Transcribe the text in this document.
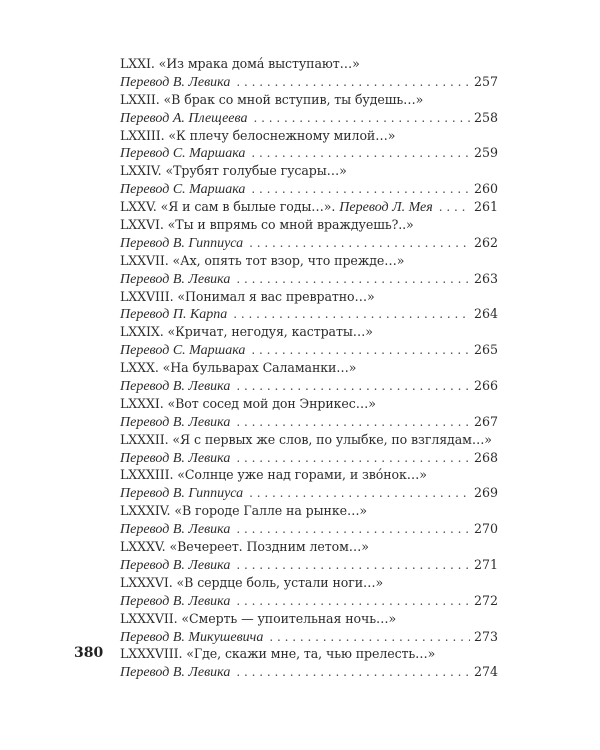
LXXI. «Из мрака домá выступают…»
Перевод В. Левика . . .	257
LXXII. «В брак со мной вступив, ты будешь…»
Перевод А. Плещеева . . .	258
LXXIII. «К плечу белоснежному милой…»
Перевод С. Маршака . . .	259
LXXIV. «Трубят голубые гусары…»
Перевод С. Маршака . . .	260
LXXV. «Я и сам в былые годы…». Перевод Л. Мея . . .	261
LXXVI. «Ты и впрямь со мной враждуешь?..»
Перевод В. Гиппиуса . . .	262
LXXVII. «Ах, опять тот взор, что прежде…»
Перевод В. Левика . . .	263
LXXVIII. «Понимал я вас превратно…»
Перевод П. Карпа . . .	264
LXXIX. «Кричат, негодуя, кастраты…»
Перевод С. Маршака . . .	265
LXXX. «На бульварах Саламанки…»
Перевод В. Левика . . .	266
LXXXI. «Вот сосед мой дон Энрикес…»
Перевод В. Левика . . .	267
LXXXII. «Я с первых же слов, по улыбке, по взглядам…»
Перевод В. Левика . . .	268
LXXXIII. «Солнце уже над горами, и звóнок…»
Перевод В. Гиппиуса . . .	269
LXXXIV. «В городе Галле на рынке…»
Перевод В. Левика . . .	270
LXXXV. «Вечереет. Поздним летом…»
Перевод В. Левика . . .	271
LXXXVI. «В сердце боль, устали ноги…»
Перевод В. Левика . . .	272
LXXXVII. «Смерть — упоительная ночь…»
Перевод В. Микушевича . . .	273
LXXXVIII. «Где, скажи мне, та, чью прелесть…»
Перевод В. Левика . . .	274
380
